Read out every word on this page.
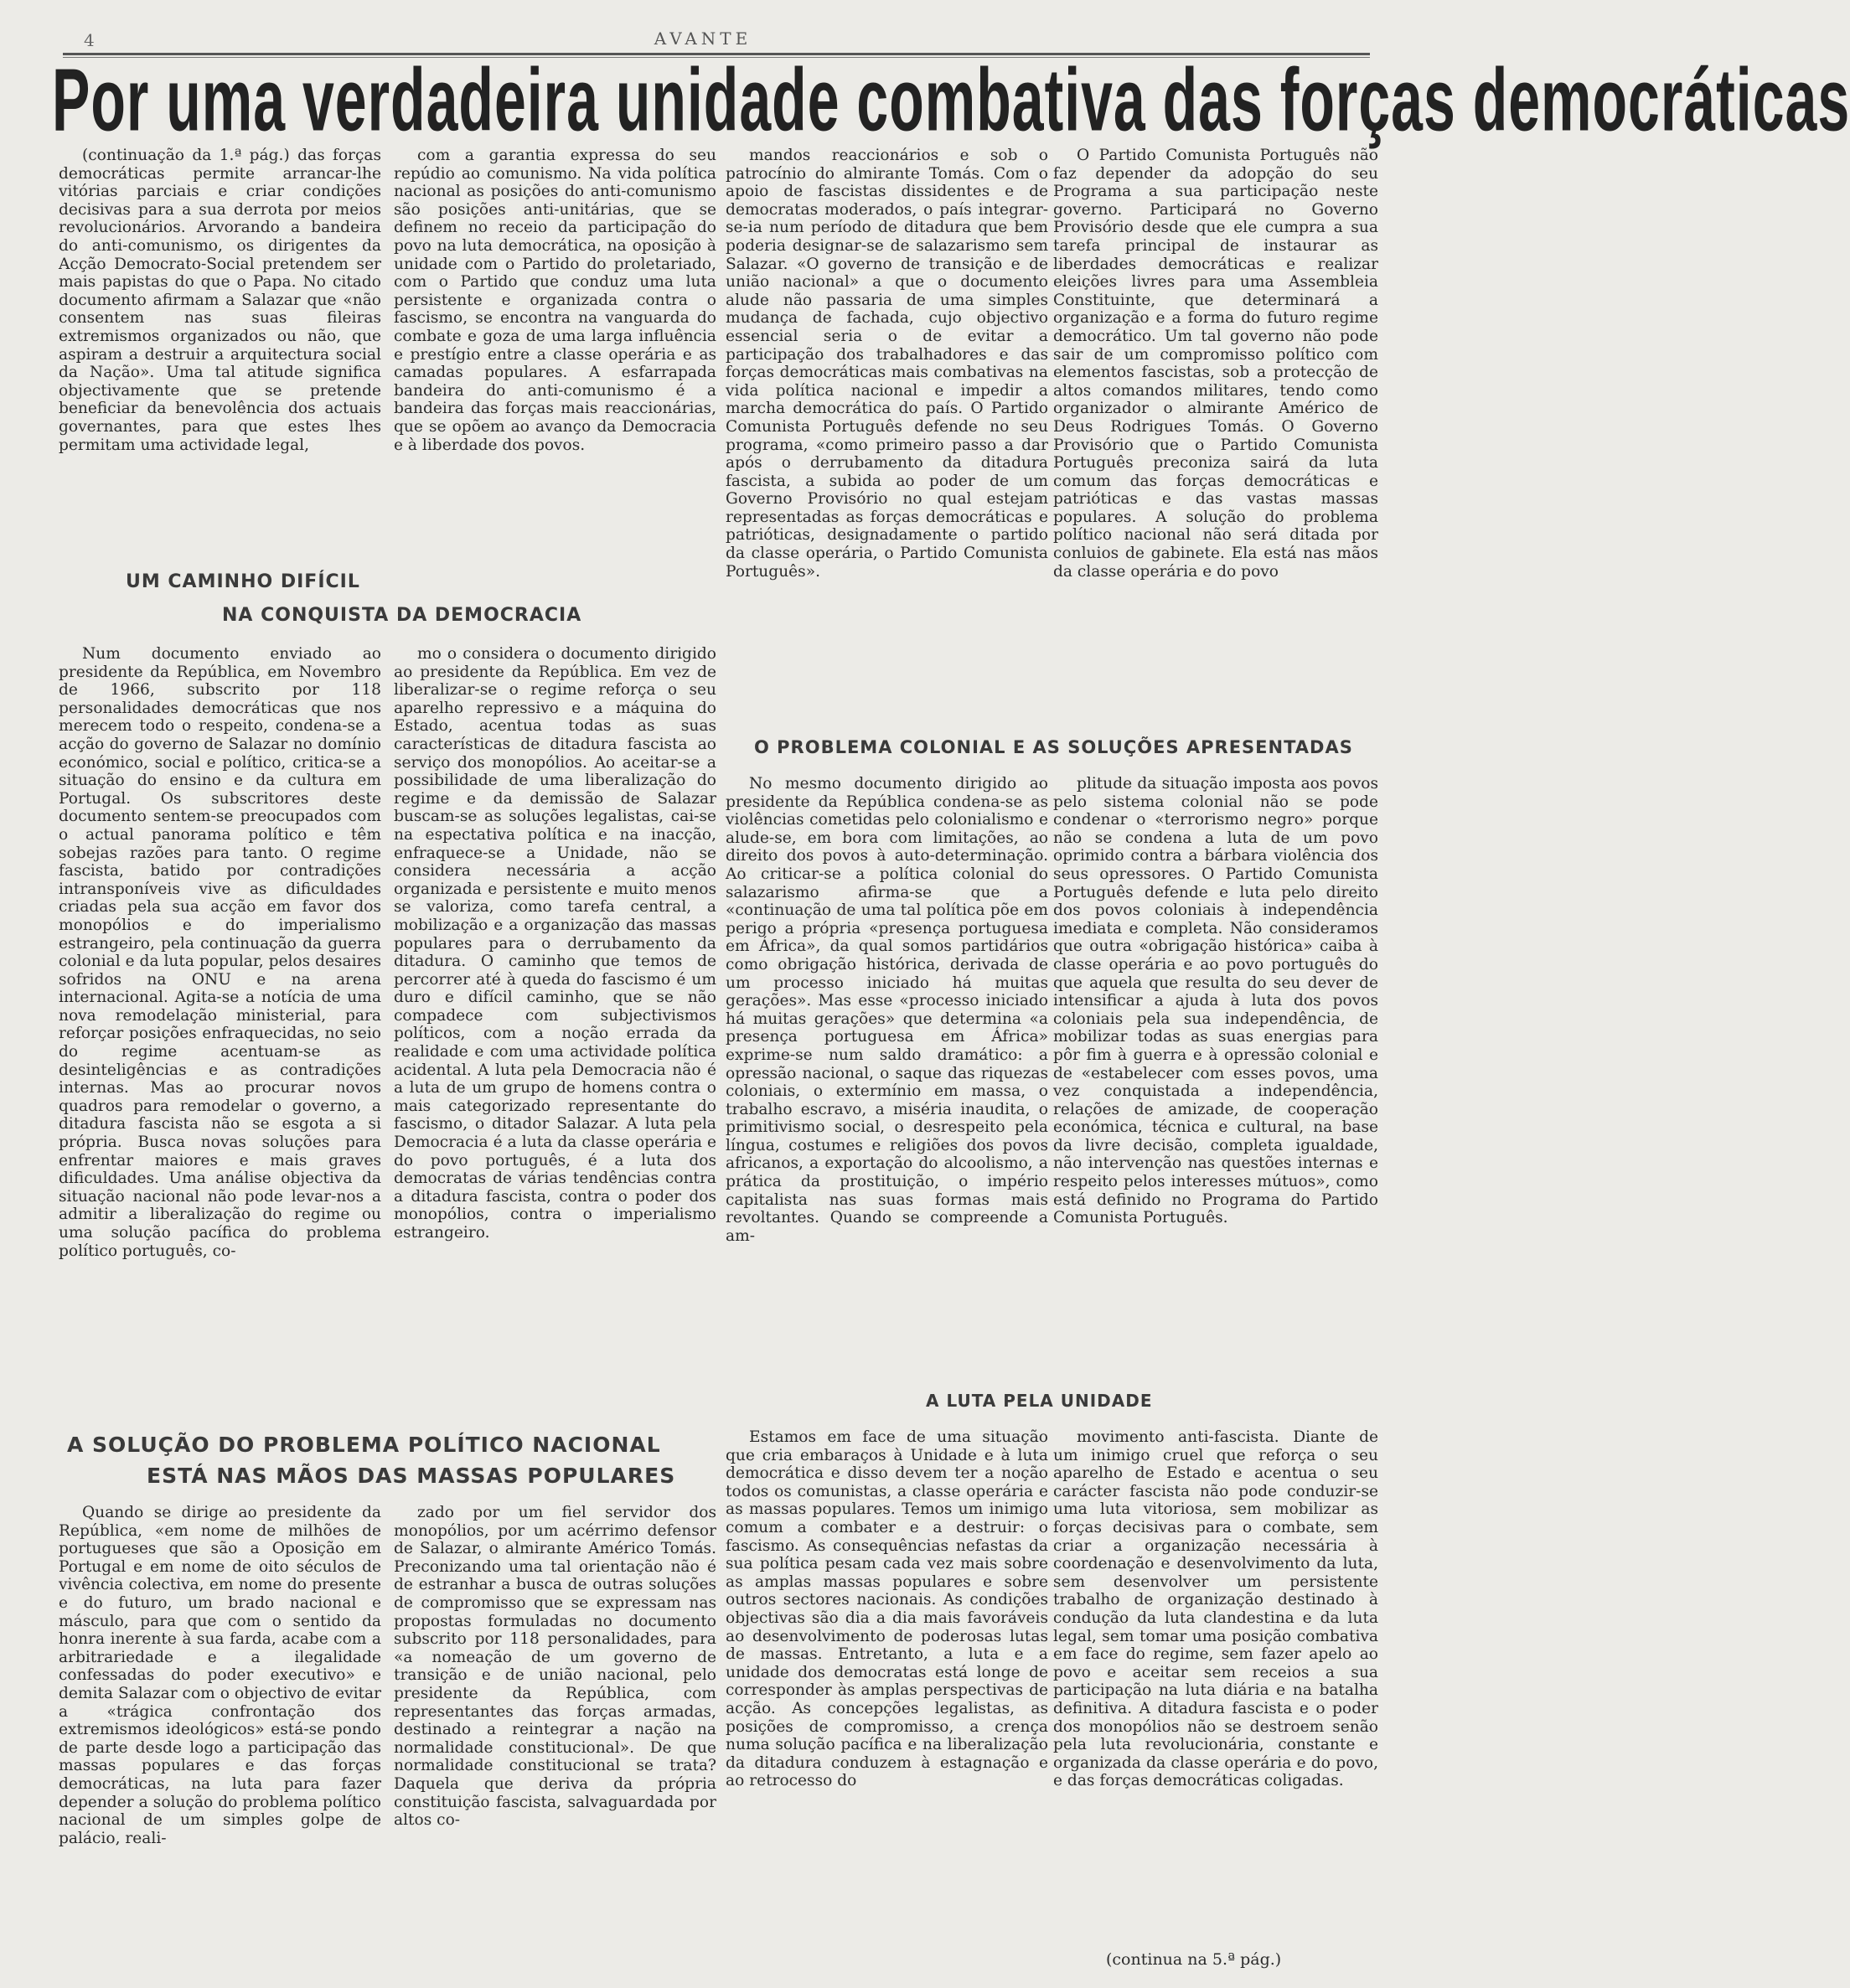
4	AVANTE
Por uma verdadeira unidade combativa das forças democráticas
(continuação da 1.ª pág.) das forças democráticas permite arrancar-lhe vitórias parciais e criar condições decisivas para a sua derrota por meios revolucionários. Arvorando a bandeira do anti-comunismo, os dirigentes da Acção Democrato-Social pretendem ser mais papistas do que o Papa. No citado documento afirmam a Salazar que «não consentem nas suas fileiras extremismos organizados ou não, que aspiram a destruir a arquitectura social da Nação». Uma tal atitude significa objectivamente que se pretende beneficiar da benevolência dos actuais governantes, para que estes lhes permitam uma actividade legal,
com a garantia expressa do seu repúdio ao comunismo. Na vida política nacional as posições do anti-comunismo são posições anti-unitárias, que se definem no receio da participação do povo na luta democrática, na oposição à unidade com o Partido do proletariado, com o Partido que conduz uma luta persistente e organizada contra o fascismo, se encontra na vanguarda do combate e goza de uma larga influência e prestígio entre a classe operária e as camadas populares. A esfarrapada bandeira do anti-comunismo é a bandeira das forças mais reaccionárias, que se opõem ao avanço da Democracia e à liberdade dos povos.
UM CAMINHO DIFÍCIL
NA CONQUISTA DA DEMOCRACIA
Num documento enviado ao presidente da República, em Novembro de 1966, subscrito por 118 personalidades democráticas que nos merecem todo o respeito, condena-se a acção do governo de Salazar no domínio económico, social e político, critica-se a situação do ensino e da cultura em Portugal. Os subscritores deste documento sentem-se preocupados com o actual panorama político e têm sobejas razões para tanto. O regime fascista, batido por contradições intransponíveis vive as dificuldades criadas pela sua acção em favor dos monopólios e do imperialismo estrangeiro, pela continuação da guerra colonial e da luta popular, pelos desaires sofridos na ONU e na arena internacional. Agita-se a notícia de uma nova remodelação ministerial, para reforçar posições enfraquecidas, no seio do regime acentuam-se as desinteligências e as contradições internas. Mas ao procurar novos quadros para remodelar o governo, a ditadura fascista não se esgota a si própria. Busca novas soluções para enfrentar maiores e mais graves dificuldades. Uma análise objectiva da situação nacional não pode levar-nos a admitir a liberalização do regime ou uma solução pacífica do problema político português, co-
mo o considera o documento dirigido ao presidente da República. Em vez de liberalizar-se o regime reforça o seu aparelho repressivo e a máquina do Estado, acentua todas as suas características de ditadura fascista ao serviço dos monopólios. Ao aceitar-se a possibilidade de uma liberalização do regime e da demissão de Salazar buscam-se as soluções legalistas, cai-se na espectativa política e na inacção, enfraquece-se a Unidade, não se considera necessária a acção organizada e persistente e muito menos se valoriza, como tarefa central, a mobilização e a organização das massas populares para o derrubamento da ditadura. O caminho que temos de percorrer até à queda do fascismo é um duro e difícil caminho, que se não compadece com subjectivismos políticos, com a noção errada da realidade e com uma actividade política acidental. A luta pela Democracia não é a luta de um grupo de homens contra o mais categorizado representante do fascismo, o ditador Salazar. A luta pela Democracia é a luta da classe operária e do povo português, é a luta dos democratas de várias tendências contra a ditadura fascista, contra o poder dos monopólios, contra o imperialismo estrangeiro.
mandos reaccionários e sob o patrocínio do almirante Tomás. Com o apoio de fascistas dissidentes e de democratas moderados, o país integrar-se-ia num período de ditadura que bem poderia designar-se de salazarismo sem Salazar. «O governo de transição e de união nacional» a que o documento alude não passaria de uma simples mudança de fachada, cujo objectivo essencial seria o de evitar a participação dos trabalhadores e das forças democráticas mais combativas na vida política nacional e impedir a marcha democrática do país. O Partido Comunista Português defende no seu programa, «como primeiro passo a dar após o derrubamento da ditadura fascista, a subida ao poder de um Governo Provisório no qual estejam representadas as forças democráticas e patrióticas, designadamente o partido da classe operária, o Partido Comunista Português».
O Partido Comunista Português não faz depender da adopção do seu Programa a sua participação neste governo. Participará no Governo Provisório desde que ele cumpra a sua tarefa principal de instaurar as liberdades democráticas e realizar eleições livres para uma Assembleia Constituinte, que determinará a organização e a forma do futuro regime democrático. Um tal governo não pode sair de um compromisso político com elementos fascistas, sob a protecção de altos comandos militares, tendo como organizador o almirante Américo de Deus Rodrigues Tomás. O Governo Provisório que o Partido Comunista Português preconiza sairá da luta comum das forças democráticas e patrióticas e das vastas massas populares. A solução do problema político nacional não será ditada por conluios de gabinete. Ela está nas mãos da classe operária e do povo
O PROBLEMA COLONIAL E AS SOLUÇÕES APRESENTADAS
No mesmo documento dirigido ao presidente da República condena-se as violências cometidas pelo colonialismo e alude-se, em bora com limitações, ao direito dos povos à auto-determinação. Ao criticar-se a política colonial do salazarismo afirma-se que a «continuação de uma tal política põe em perigo a própria «presença portuguesa em África», da qual somos partidários como obrigação histórica, derivada de um processo iniciado há muitas gerações». Mas esse «processo iniciado há muitas gerações» que determina «a presença portuguesa em África» exprime-se num saldo dramático: a opressão nacional, o saque das riquezas coloniais, o extermínio em massa, o trabalho escravo, a miséria inaudita, o primitivismo social, o desrespeito pela língua, costumes e religiões dos povos africanos, a exportação do alcoolismo, a prática da prostituição, o império capitalista nas suas formas mais revoltantes. Quando se compreende a am-
plitude da situação imposta aos povos pelo sistema colonial não se pode condenar o «terrorismo negro» porque não se condena a luta de um povo oprimido contra a bárbara violência dos seus opressores. O Partido Comunista Português defende e luta pelo direito dos povos coloniais à independência imediata e completa. Não consideramos que outra «obrigação histórica» caiba à classe operária e ao povo português do que aquela que resulta do seu dever de intensificar a ajuda à luta dos povos coloniais pela sua independência, de mobilizar todas as suas energias para pôr fim à guerra e à opressão colonial e de «estabelecer com esses povos, uma vez conquistada a independência, relações de amizade, de cooperação económica, técnica e cultural, na base da livre decisão, completa igualdade, não intervenção nas questões internas e respeito pelos interesses mútuos», como está definido no Programa do Partido Comunista Português.
A LUTA PELA UNIDADE
Estamos em face de uma situação que cria embaraços à Unidade e à luta democrática e disso devem ter a noção todos os comunistas, a classe operária e as massas populares. Temos um inimigo comum a combater e a destruir: o fascismo. As consequências nefastas da sua política pesam cada vez mais sobre as amplas massas populares e sobre outros sectores nacionais. As condições objectivas são dia a dia mais favoráveis ao desenvolvimento de poderosas lutas de massas. Entretanto, a luta e a unidade dos democratas está longe de corresponder às amplas perspectivas de acção. As concepções legalistas, as posições de compromisso, a crença numa solução pacífica e na liberalização da ditadura conduzem à estagnação e ao retrocesso do
movimento anti-fascista. Diante de um inimigo cruel que reforça o seu aparelho de Estado e acentua o seu carácter fascista não pode conduzir-se uma luta vitoriosa, sem mobilizar as forças decisivas para o combate, sem criar a organização necessária à coordenação e desenvolvimento da luta, sem desenvolver um persistente trabalho de organização destinado à condução da luta clandestina e da luta legal, sem tomar uma posição combativa em face do regime, sem fazer apelo ao povo e aceitar sem receios a sua participação na luta diária e na batalha definitiva. A ditadura fascista e o poder dos monopólios não se destroem senão pela luta revolucionária, constante e organizada da classe operária e do povo, e das forças democráticas coligadas.
A SOLUÇÃO DO PROBLEMA POLÍTICO NACIONAL
ESTÁ NAS MÃOS DAS MASSAS POPULARES
Quando se dirige ao presidente da República, «em nome de milhões de portugueses que são a Oposição em Portugal e em nome de oito séculos de vivência colectiva, em nome do presente e do futuro, um brado nacional e másculo, para que com o sentido da honra inerente à sua farda, acabe com a arbitrariedade e a ilegalidade confessadas do poder executivo» e demita Salazar com o objectivo de evitar a «trágica confrontação dos extremismos ideológicos» está-se pondo de parte desde logo a participação das massas populares e das forças democráticas, na luta para fazer depender a solução do problema político nacional de um simples golpe de palácio, reali-
zado por um fiel servidor dos monopólios, por um acérrimo defensor de Salazar, o almirante Américo Tomás. Preconizando uma tal orientação não é de estranhar a busca de outras soluções de compromisso que se expressam nas propostas formuladas no documento subscrito por 118 personalidades, para «a nomeação de um governo de transição e de união nacional, pelo presidente da República, com representantes das forças armadas, destinado a reintegrar a nação na normalidade constitucional». De que normalidade constitucional se trata? Daquela que deriva da própria constituição fascista, salvaguardada por altos co-
(continua na 5.ª pág.)
